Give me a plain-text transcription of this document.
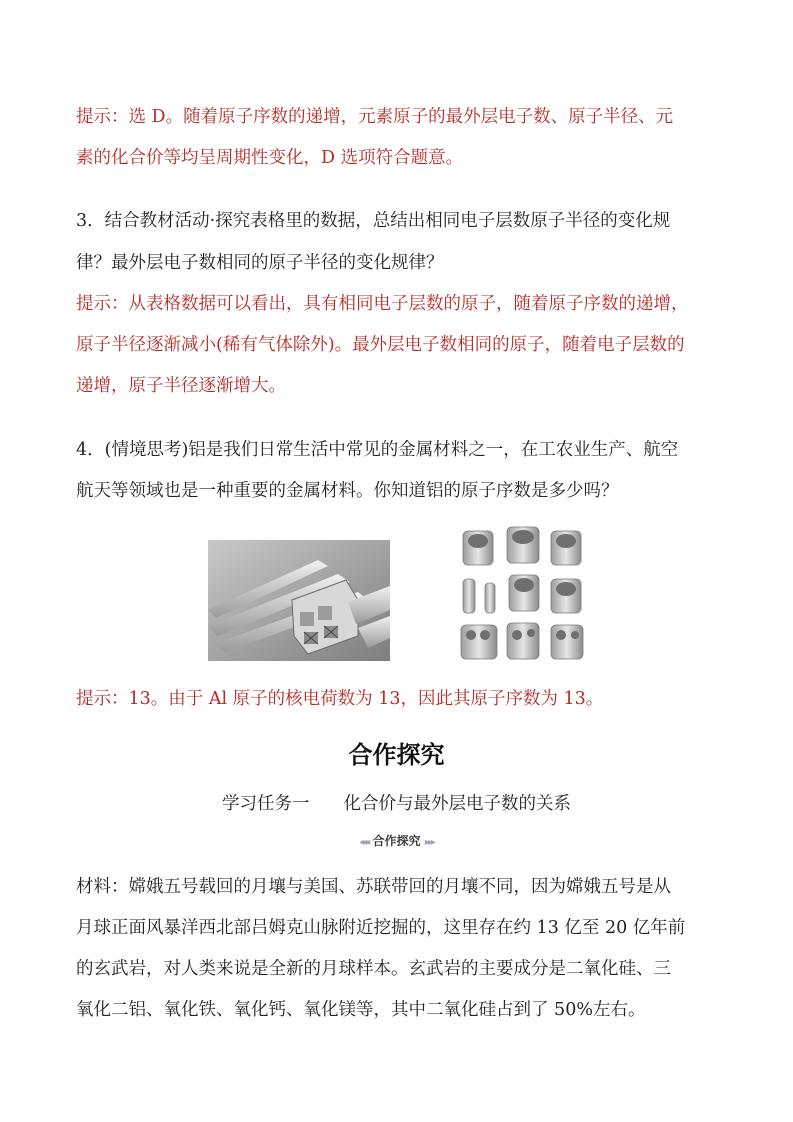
提示：选 D。随着原子序数的递增，元素原子的最外层电子数、原子半径、元
素的化合价等均呈周期性变化，D 选项符合题意。
3．结合教材活动·探究表格里的数据，总结出相同电子层数原子半径的变化规
律？最外层电子数相同的原子半径的变化规律？
提示：从表格数据可以看出，具有相同电子层数的原子，随着原子序数的递增，
原子半径逐渐减小(稀有气体除外)。最外层电子数相同的原子，随着电子层数的
递增，原子半径逐渐增大。
4．(情境思考)铝是我们日常生活中常见的金属材料之一，在工农业生产、航空
航天等领域也是一种重要的金属材料。你知道铝的原子序数是多少吗？
提示：13。由于 Al 原子的核电荷数为 13，因此其原子序数为 13。
合作探究
学习任务一 化合价与最外层电子数的关系
◂◂◂ 合作探究 ▸▸▸
材料：嫦娥五号载回的月壤与美国、苏联带回的月壤不同，因为嫦娥五号是从
月球正面风暴洋西北部吕姆克山脉附近挖掘的，这里存在约 13 亿至 20 亿年前
的玄武岩，对人类来说是全新的月球样本。玄武岩的主要成分是二氧化硅、三
氧化二铝、氧化铁、氧化钙、氧化镁等，其中二氧化硅占到了 50%左右。
